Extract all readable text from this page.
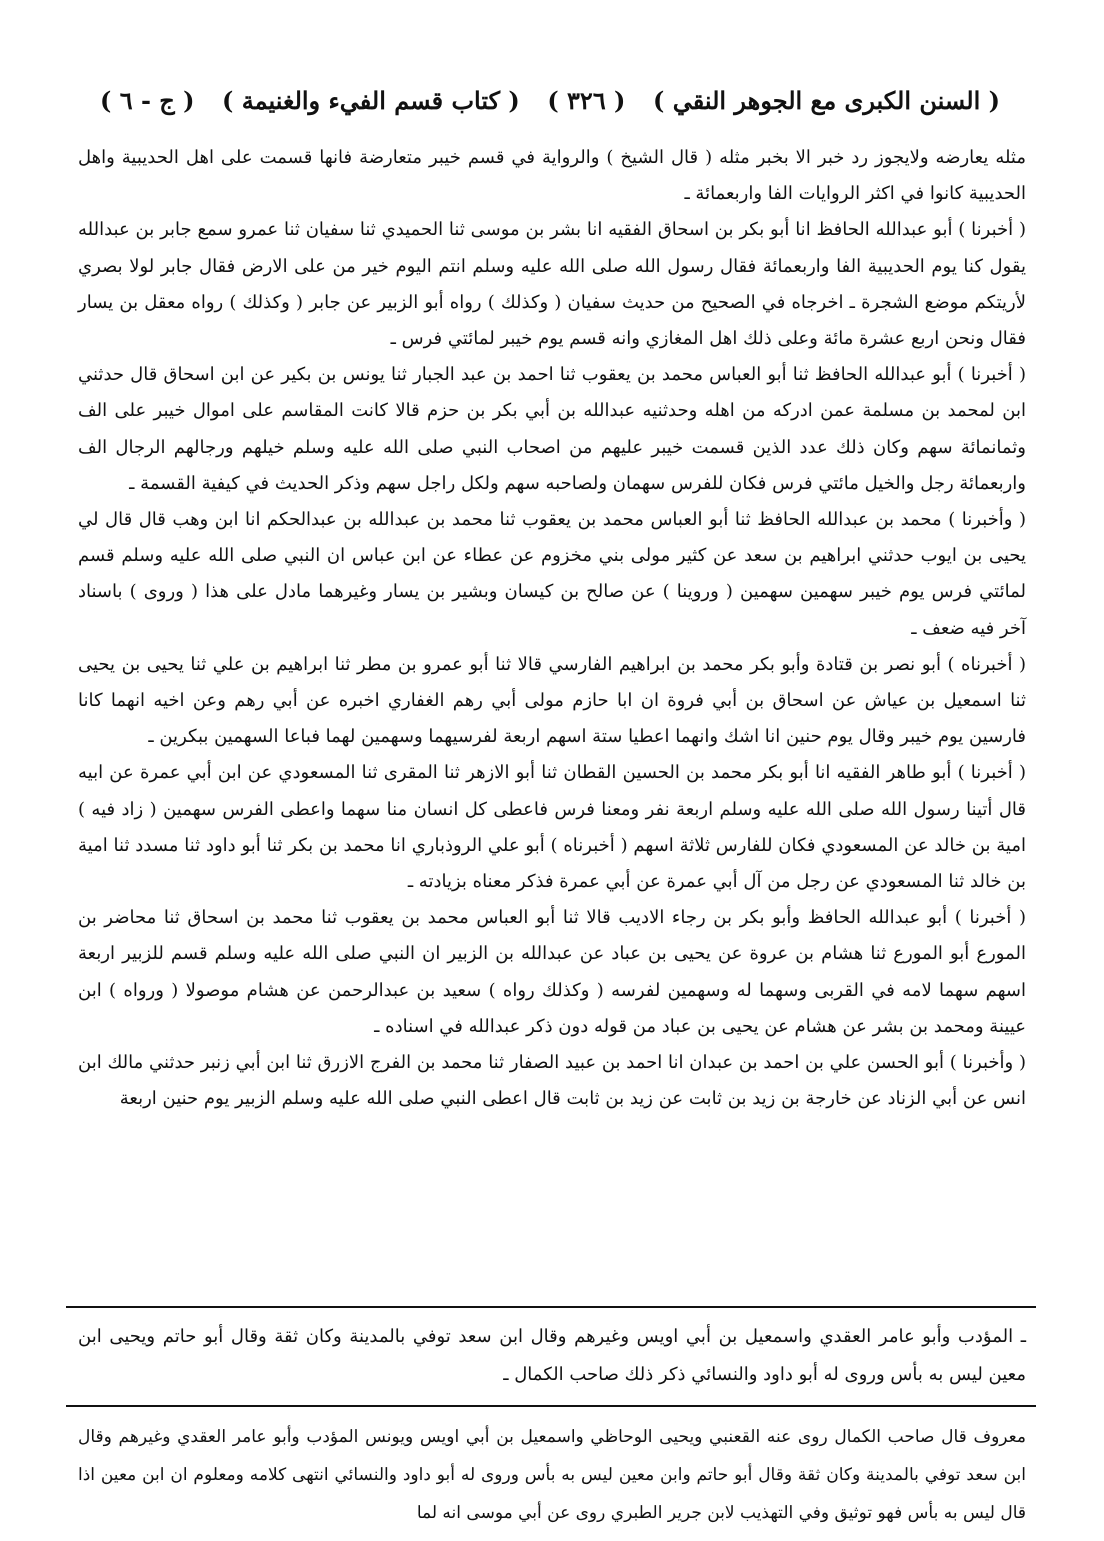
( السنن الكبرى مع الجوهر النقي )
( ٣٢٦ )
( كتاب قسم الفيء والغنيمة )
( ج - ٦ )

مثله يعارضه ولايجوز رد خبر الا بخبر مثله ( قال الشيخ ) والرواية في قسم خيبر متعارضة فانها قسمت على اهل الحديبية واهل الحديبية كانوا في اكثر الروايات الفا واربعمائة ـ

( أخبرنا ) أبو عبدالله الحافظ انا أبو بكر بن اسحاق الفقيه انا بشر بن موسى ثنا الحميدي ثنا سفيان ثنا عمرو سمع جابر بن عبدالله يقول كنا يوم الحديبية الفا واربعمائة فقال رسول الله صلى الله عليه وسلم انتم اليوم خير من على الارض فقال جابر لولا بصري لأريتكم موضع الشجرة ـ اخرجاه في الصحيح من حديث سفيان ( وكذلك ) رواه أبو الزبير عن جابر ( وكذلك ) رواه معقل بن يسار فقال ونحن اربع عشرة مائة وعلى ذلك اهل المغازي وانه قسم يوم خيبر لمائتي فرس ـ

( أخبرنا ) أبو عبدالله الحافظ ثنا أبو العباس محمد بن يعقوب ثنا احمد بن عبد الجبار ثنا يونس بن بكير عن ابن اسحاق قال حدثني ابن لمحمد بن مسلمة عمن ادركه من اهله وحدثنيه عبدالله بن أبي بكر بن حزم قالا كانت المقاسم على اموال خيبر على الف وثمانمائة سهم وكان ذلك عدد الذين قسمت خيبر عليهم من اصحاب النبي صلى الله عليه وسلم خيلهم ورجالهم الرجال الف واربعمائة رجل والخيل مائتي فرس فكان للفرس سهمان ولصاحبه سهم ولكل راجل سهم وذكر الحديث في كيفية القسمة ـ

( وأخبرنا ) محمد بن عبدالله الحافظ ثنا أبو العباس محمد بن يعقوب ثنا محمد بن عبدالله بن عبدالحكم انا ابن وهب قال قال لي يحيى بن ايوب حدثني ابراهيم بن سعد عن كثير مولى بني مخزوم عن عطاء عن ابن عباس ان النبي صلى الله عليه وسلم قسم لمائتي فرس يوم خيبر سهمين سهمين ( وروينا ) عن صالح بن كيسان وبشير بن يسار وغيرهما مادل على هذا ( وروى ) باسناد آخر فيه ضعف ـ

( أخبرناه ) أبو نصر بن قتادة وأبو بكر محمد بن ابراهيم الفارسي قالا ثنا أبو عمرو بن مطر ثنا ابراهيم بن علي ثنا يحيى بن يحيى ثنا اسمعيل بن عياش عن اسحاق بن أبي فروة ان ابا حازم مولى أبي رهم الغفاري اخبره عن أبي رهم وعن اخيه انهما كانا فارسين يوم خيبر وقال يوم حنين انا اشك وانهما اعطيا ستة اسهم اربعة لفرسيهما وسهمين لهما فباعا السهمين ببكرين ـ

( أخبرنا ) أبو طاهر الفقيه انا أبو بكر محمد بن الحسين القطان ثنا أبو الازهر ثنا المقرى ثنا المسعودي عن ابن أبي عمرة عن ابيه قال أتينا رسول الله صلى الله عليه وسلم اربعة نفر ومعنا فرس فاعطى كل انسان منا سهما واعطى الفرس سهمين ( زاد فيه ) امية بن خالد عن المسعودي فكان للفارس ثلاثة اسهم ( أخبرناه ) أبو علي الروذباري انا محمد بن بكر ثنا أبو داود ثنا مسدد ثنا امية بن خالد ثنا المسعودي عن رجل من آل أبي عمرة عن أبي عمرة فذكر معناه بزيادته ـ

( أخبرنا ) أبو عبدالله الحافظ وأبو بكر بن رجاء الاديب قالا ثنا أبو العباس محمد بن يعقوب ثنا محمد بن اسحاق ثنا محاضر بن المورع أبو المورع ثنا هشام بن عروة عن يحيى بن عباد عن عبدالله بن الزبير ان النبي صلى الله عليه وسلم قسم للزبير اربعة اسهم سهما لامه في القربى وسهما له وسهمين لفرسه ( وكذلك رواه ) سعيد بن عبدالرحمن عن هشام موصولا ( ورواه ) ابن عيينة ومحمد بن بشر عن هشام عن يحيى بن عباد من قوله دون ذكر عبدالله في اسناده ـ

( وأخبرنا ) أبو الحسن علي بن احمد بن عبدان انا احمد بن عبيد الصفار ثنا محمد بن الفرج الازرق ثنا ابن أبي زنبر حدثني مالك ابن انس عن أبي الزناد عن خارجة بن زيد بن ثابت عن زيد بن ثابت قال اعطى النبي صلى الله عليه وسلم الزبير يوم حنين اربعة

ـ المؤدب وأبو عامر العقدي واسمعيل بن أبي اويس وغيرهم وقال ابن سعد توفي بالمدينة وكان ثقة وقال أبو حاتم ويحيى ابن معين ليس به بأس وروى له أبو داود والنسائي ذكر ذلك صاحب الكمال ـ

معروف قال صاحب الكمال روى عنه القعنبي ويحيى الوحاظي واسمعيل بن أبي اويس ويونس المؤدب وأبو عامر العقدي وغيرهم وقال ابن سعد توفي بالمدينة وكان ثقة وقال أبو حاتم وابن معين ليس به بأس وروى له أبو داود والنسائي انتهى كلامه ومعلوم ان ابن معين اذا قال ليس به بأس فهو توثيق وفي التهذيب لابن جرير الطبري روى عن أبي موسى انه لما
